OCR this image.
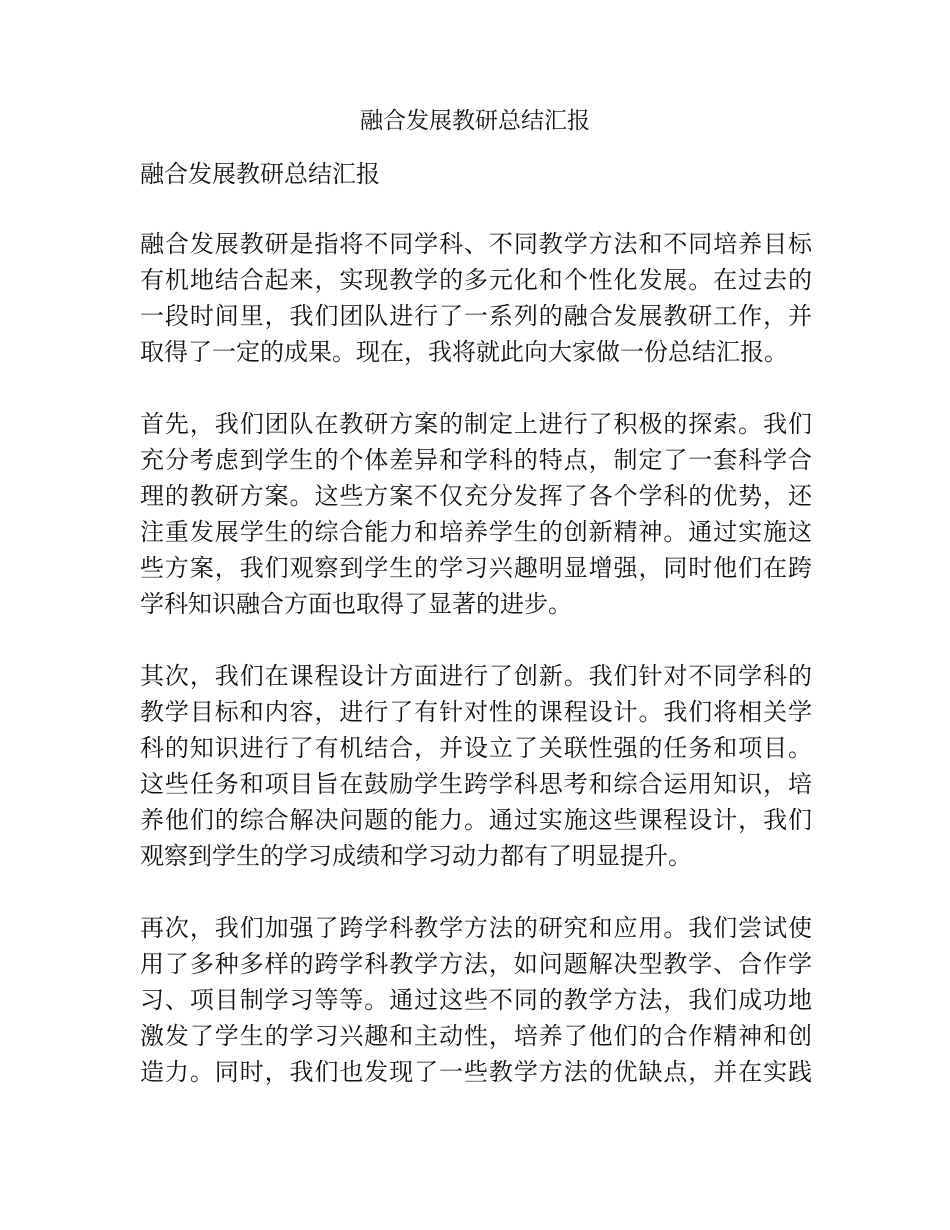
融合发展教研总结汇报
融合发展教研总结汇报
融合发展教研是指将不同学科、不同教学方法和不同培养目标
有机地结合起来，实现教学的多元化和个性化发展。在过去的
一段时间里，我们团队进行了一系列的融合发展教研工作，并
取得了一定的成果。现在，我将就此向大家做一份总结汇报。
首先，我们团队在教研方案的制定上进行了积极的探索。我们
充分考虑到学生的个体差异和学科的特点，制定了一套科学合
理的教研方案。这些方案不仅充分发挥了各个学科的优势，还
注重发展学生的综合能力和培养学生的创新精神。通过实施这
些方案，我们观察到学生的学习兴趣明显增强，同时他们在跨
学科知识融合方面也取得了显著的进步。
其次，我们在课程设计方面进行了创新。我们针对不同学科的
教学目标和内容，进行了有针对性的课程设计。我们将相关学
科的知识进行了有机结合，并设立了关联性强的任务和项目。
这些任务和项目旨在鼓励学生跨学科思考和综合运用知识，培
养他们的综合解决问题的能力。通过实施这些课程设计，我们
观察到学生的学习成绩和学习动力都有了明显提升。
再次，我们加强了跨学科教学方法的研究和应用。我们尝试使
用了多种多样的跨学科教学方法，如问题解决型教学、合作学
习、项目制学习等等。通过这些不同的教学方法，我们成功地
激发了学生的学习兴趣和主动性，培养了他们的合作精神和创
造力。同时，我们也发现了一些教学方法的优缺点，并在实践
